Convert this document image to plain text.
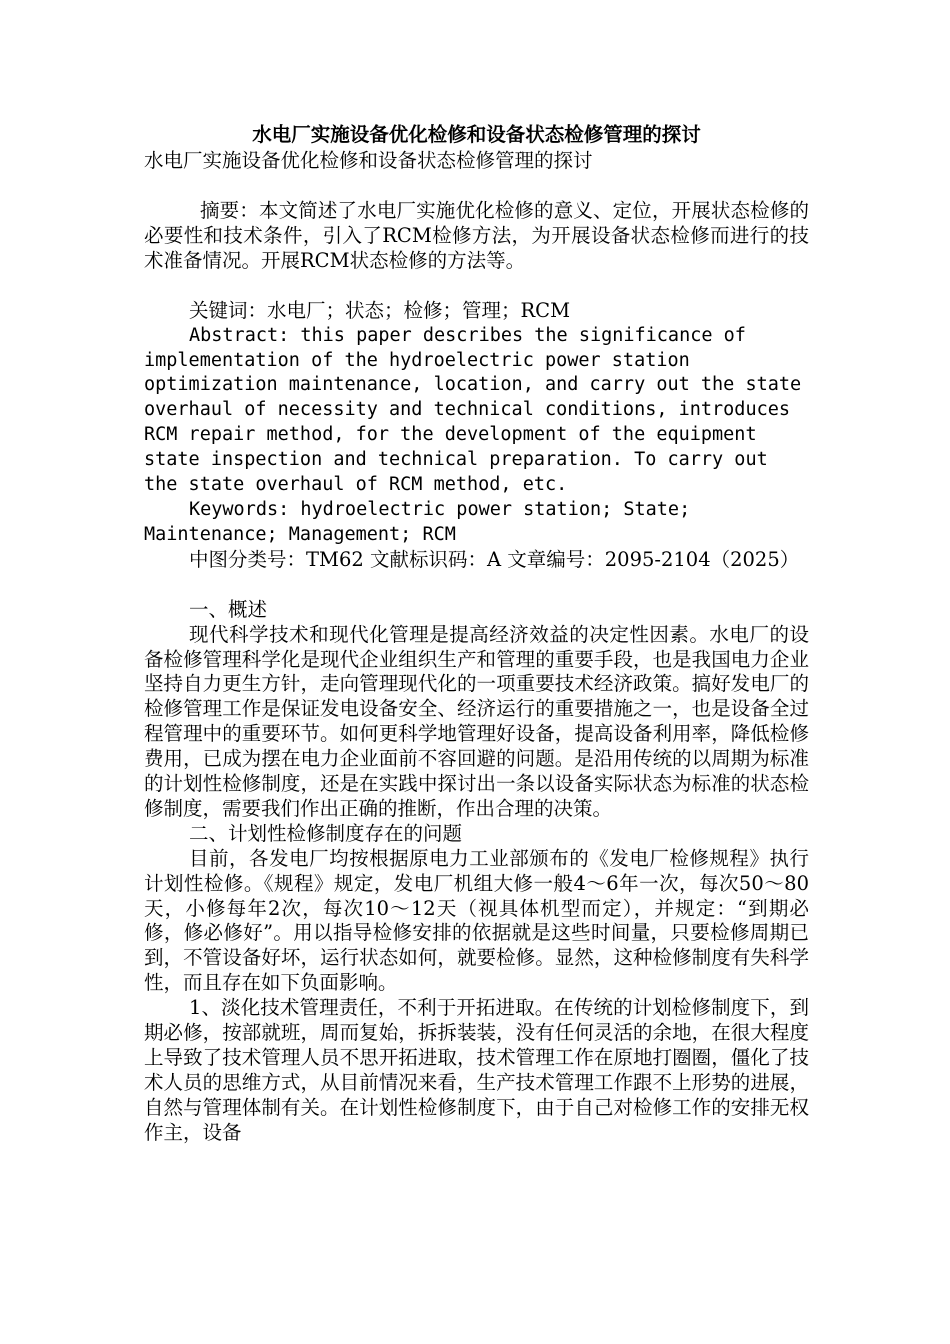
水电厂实施设备优化检修和设备状态检修管理的探讨
水电厂实施设备优化检修和设备状态检修管理的探讨

摘要：本文简述了水电厂实施优化检修的意义、定位，开展状态检修的必要性和技术条件，引入了RCM检修方法，为开展设备状态检修而进行的技术准备情况。开展RCM状态检修的方法等。

关键词：水电厂；状态；检修；管理；RCM

Abstract: this paper describes the significance of implementation of the hydroelectric power station optimization maintenance, location, and carry out the state overhaul of necessity and technical conditions, introduces RCM repair method, for the development of the equipment state inspection and technical preparation. To carry out the state overhaul of RCM method, etc.

Keywords: hydroelectric power station; State; Maintenance; Management; RCM

中图分类号：TM62 文献标识码：A 文章编号：2095-2104（2025）

一、概述

现代科学技术和现代化管理是提高经济效益的决定性因素。水电厂的设备检修管理科学化是现代企业组织生产和管理的重要手段，也是我国电力企业坚持自力更生方针，走向管理现代化的一项重要技术经济政策。搞好发电厂的检修管理工作是保证发电设备安全、经济运行的重要措施之一，也是设备全过程管理中的重要环节。如何更科学地管理好设备，提高设备利用率，降低检修费用，已成为摆在电力企业面前不容回避的问题。是沿用传统的以周期为标准的计划性检修制度，还是在实践中探讨出一条以设备实际状态为标准的状态检修制度，需要我们作出正确的推断，作出合理的决策。

二、计划性检修制度存在的问题

目前，各发电厂均按根据原电力工业部颁布的《发电厂检修规程》执行计划性检修。《规程》规定，发电厂机组大修一般4～6年一次，每次50～80天，小修每年2次，每次10～12天（视具体机型而定），并规定：“到期必修，修必修好”。用以指导检修安排的依据就是这些时间量，只要检修周期已到，不管设备好坏，运行状态如何，就要检修。显然，这种检修制度有失科学性，而且存在如下负面影响。

1、淡化技术管理责任，不利于开拓进取。在传统的计划检修制度下，到期必修，按部就班，周而复始，拆拆装装，没有任何灵活的余地，在很大程度上导致了技术管理人员不思开拓进取，技术管理工作在原地打圈圈，僵化了技术人员的思维方式，从目前情况来看，生产技术管理工作跟不上形势的进展，自然与管理体制有关。在计划性检修制度下，由于自己对检修工作的安排无权作主，设备
